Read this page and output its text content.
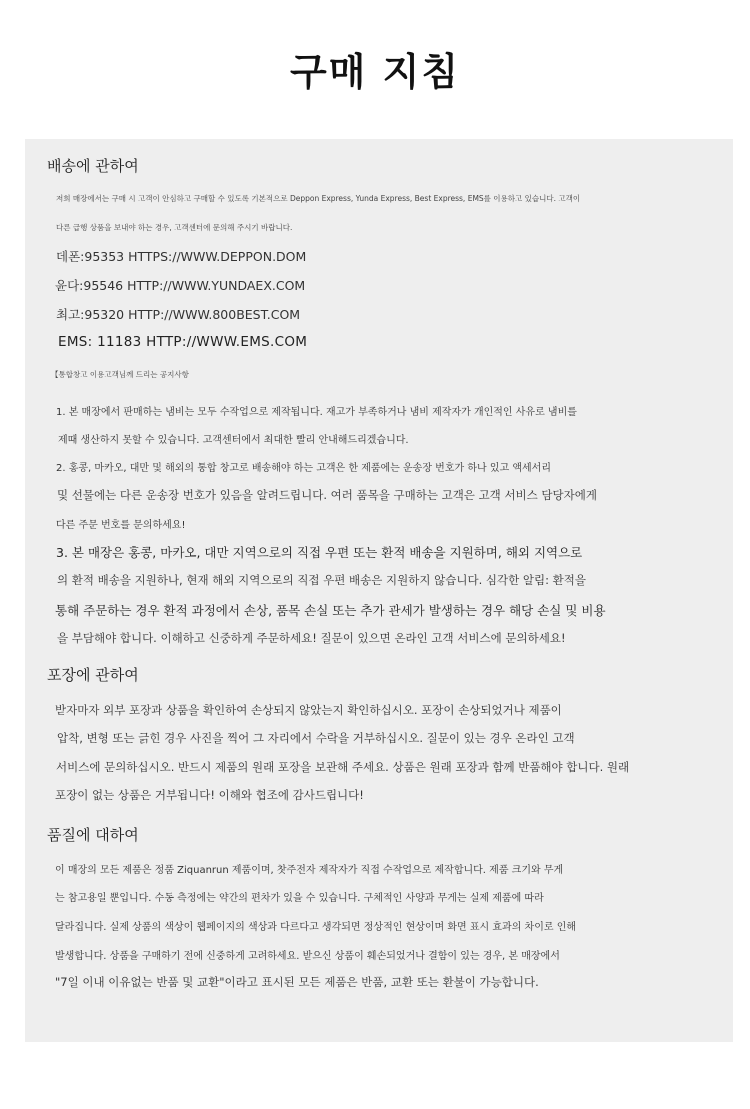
구매 지침
배송에 관하여
저희 매장에서는 구매 시 고객이 안심하고 구매할 수 있도록 기본적으로 Deppon Express, Yunda Express, Best Express, EMS를 이용하고 있습니다. 고객이
다른 급행 상품을 보내야 하는 경우, 고객센터에 문의해 주시기 바랍니다.
데폰:95353 HTTPS://WWW.DEPPON.DOM
윤다:95546 HTTP://WWW.YUNDAEX.COM
최고:95320 HTTP://WWW.800BEST.COM
EMS: 11183 HTTP://WWW.EMS.COM
【통합창고 이용고객님께 드리는 공지사항
1. 본 매장에서 판매하는 냄비는 모두 수작업으로 제작됩니다. 재고가 부족하거나 냄비 제작자가 개인적인 사유로 냄비를
제때 생산하지 못할 수 있습니다. 고객센터에서 최대한 빨리 안내해드리겠습니다.
2. 홍콩, 마카오, 대만 및 해외의 통합 창고로 배송해야 하는 고객은 한 제품에는 운송장 번호가 하나 있고 액세서리
및 선물에는 다른 운송장 번호가 있음을 알려드립니다. 여러 품목을 구매하는 고객은 고객 서비스 담당자에게
다른 주문 번호를 문의하세요!
3. 본 매장은 홍콩, 마카오, 대만 지역으로의 직접 우편 또는 환적 배송을 지원하며, 해외 지역으로
의 환적 배송을 지원하나, 현재 해외 지역으로의 직접 우편 배송은 지원하지 않습니다. 심각한 알림: 환적을
통해 주문하는 경우 환적 과정에서 손상, 품목 손실 또는 추가 관세가 발생하는 경우 해당 손실 및 비용
을 부담해야 합니다. 이해하고 신중하게 주문하세요! 질문이 있으면 온라인 고객 서비스에 문의하세요!
포장에 관하여
받자마자 외부 포장과 상품을 확인하여 손상되지 않았는지 확인하십시오. 포장이 손상되었거나 제품이
압착, 변형 또는 긁힌 경우 사진을 찍어 그 자리에서 수락을 거부하십시오. 질문이 있는 경우 온라인 고객
서비스에 문의하십시오. 반드시 제품의 원래 포장을 보관해 주세요. 상품은 원래 포장과 함께 반품해야 합니다. 원래
포장이 없는 상품은 거부됩니다! 이해와 협조에 감사드립니다!
품질에 대하여
이 매장의 모든 제품은 정품 Ziquanrun 제품이며, 찻주전자 제작자가 직접 수작업으로 제작합니다. 제품 크기와 무게
는 참고용일 뿐입니다. 수동 측정에는 약간의 편차가 있을 수 있습니다. 구체적인 사양과 무게는 실제 제품에 따라
달라집니다. 실제 상품의 색상이 웹페이지의 색상과 다르다고 생각되면 정상적인 현상이며 화면 표시 효과의 차이로 인해
발생합니다. 상품을 구매하기 전에 신중하게 고려하세요. 받으신 상품이 훼손되었거나 결함이 있는 경우, 본 매장에서
"7일 이내 이유없는 반품 및 교환"이라고 표시된 모든 제품은 반품, 교환 또는 환불이 가능합니다.
